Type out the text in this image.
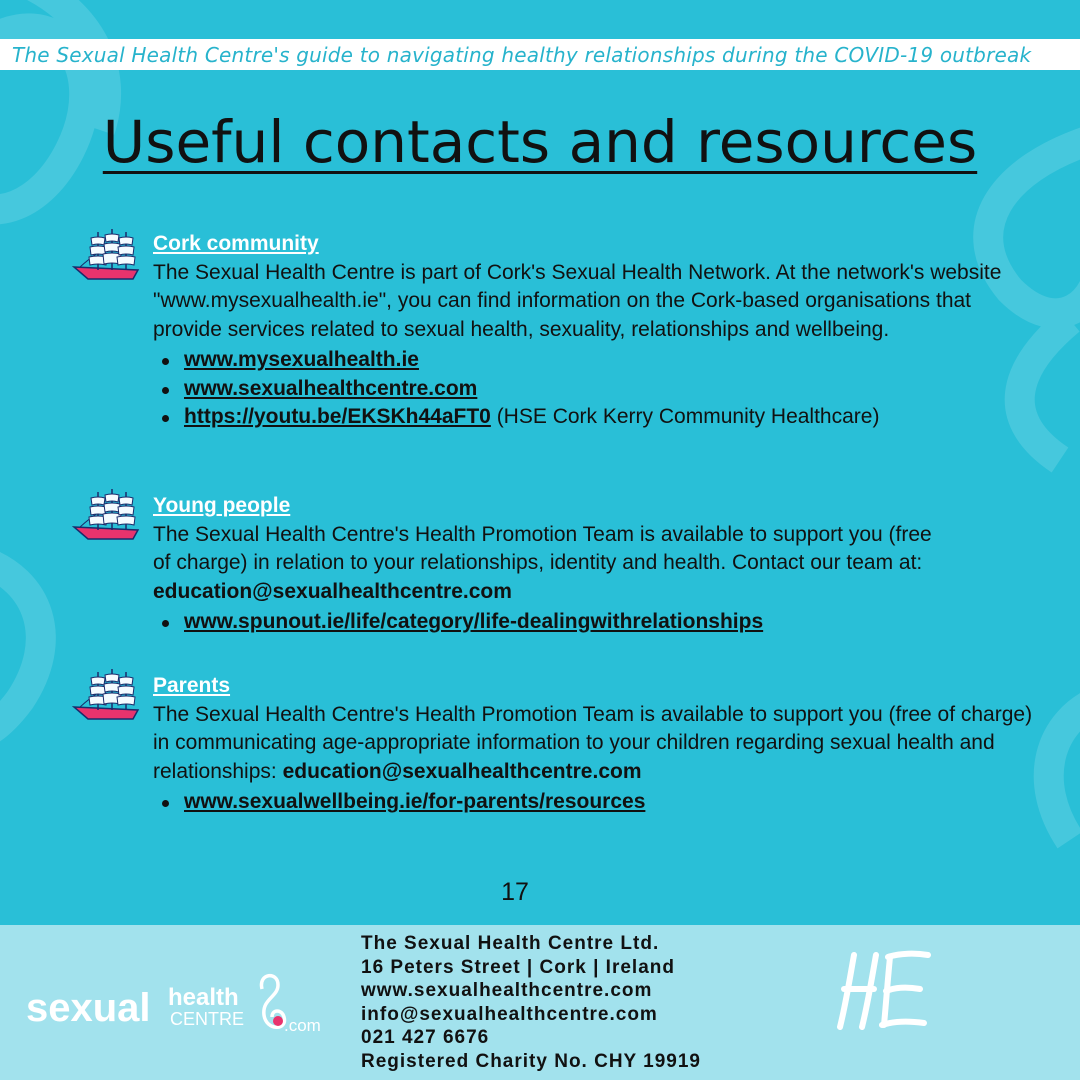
The Sexual Health Centre's guide to navigating healthy relationships during the COVID-19 outbreak
Useful contacts and resources
Cork community

The Sexual Health Centre is part of Cork's Sexual Health Network. At the network's website "www.mysexualhealth.ie", you can find information on the Cork-based organisations that provide services related to sexual health, sexuality, relationships and wellbeing.

www.mysexualhealth.ie
www.sexualhealthcentre.com
https://youtu.be/EKSKh44aFT0 (HSE Cork Kerry Community Healthcare)
Young people

The Sexual Health Centre's Health Promotion Team is available to support you (free of charge) in relation to your relationships, identity and health. Contact our team at: education@sexualhealthcentre.com

www.spunout.ie/life/category/life-dealingwithrelationships
Parents

The Sexual Health Centre's Health Promotion Team is available to support you (free of charge) in communicating age-appropriate information to your children regarding sexual health and relationships: education@sexualhealthcentre.com

www.sexualwellbeing.ie/for-parents/resources
17
sexual health
CENTRE .com
The Sexual Health Centre Ltd.
16 Peters Street | Cork | Ireland
www.sexualhealthcentre.com
info@sexualhealthcentre.com
021 427 6676
Registered Charity No. CHY 19919
